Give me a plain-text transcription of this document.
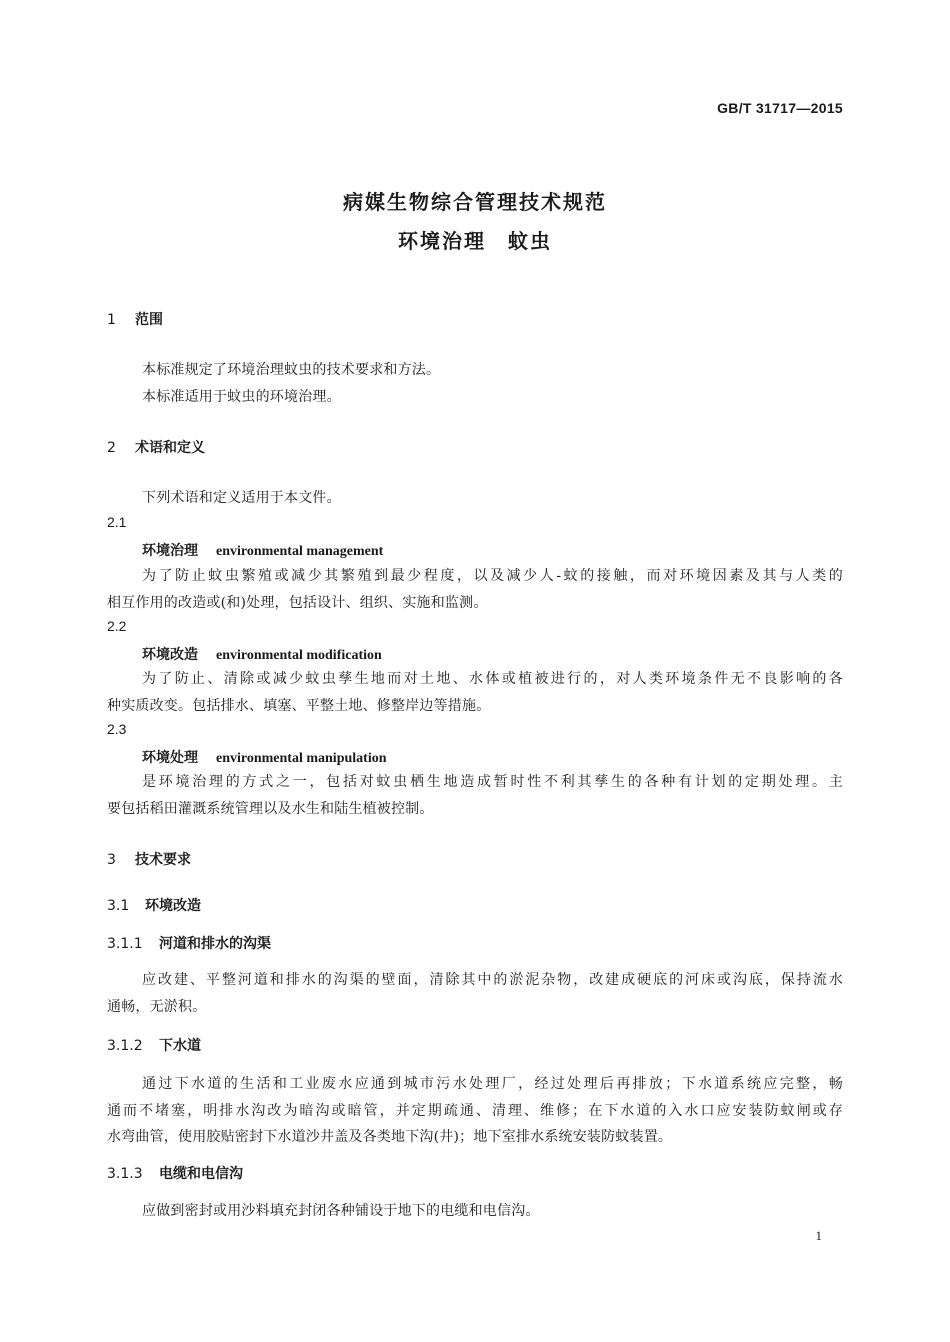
GB/T 31717—2015
病媒生物综合管理技术规范
环境治理　蚊虫
1 范围
本标准规定了环境治理蚊虫的技术要求和方法。
本标准适用于蚊虫的环境治理。
2 术语和定义
下列术语和定义适用于本文件。
2.1
环境治理 environmental management
为了防止蚊虫繁殖或减少其繁殖到最少程度，以及减少人-蚊的接触，而对环境因素及其与人类的
相互作用的改造或(和)处理，包括设计、组织、实施和监测。
2.2
环境改造 environmental modification
为了防止、清除或减少蚊虫孳生地而对土地、水体或植被进行的，对人类环境条件无不良影响的各
种实质改变。包括排水、填塞、平整土地、修整岸边等措施。
2.3
环境处理 environmental manipulation
是环境治理的方式之一，包括对蚊虫栖生地造成暂时性不利其孳生的各种有计划的定期处理。主
要包括稻田灌溉系统管理以及水生和陆生植被控制。
3 技术要求
3.1 环境改造
3.1.1 河道和排水的沟渠
应改建、平整河道和排水的沟渠的壁面，清除其中的淤泥杂物，改建成硬底的河床或沟底，保持流水
通畅，无淤积。
3.1.2 下水道
通过下水道的生活和工业废水应通到城市污水处理厂，经过处理后再排放；下水道系统应完整，畅
通而不堵塞，明排水沟改为暗沟或暗管，并定期疏通、清理、维修；在下水道的入水口应安装防蚊闸或存
水弯曲管，使用胶贴密封下水道沙井盖及各类地下沟(井)；地下室排水系统安装防蚊装置。
3.1.3 电缆和电信沟
应做到密封或用沙料填充封闭各种铺设于地下的电缆和电信沟。
1
